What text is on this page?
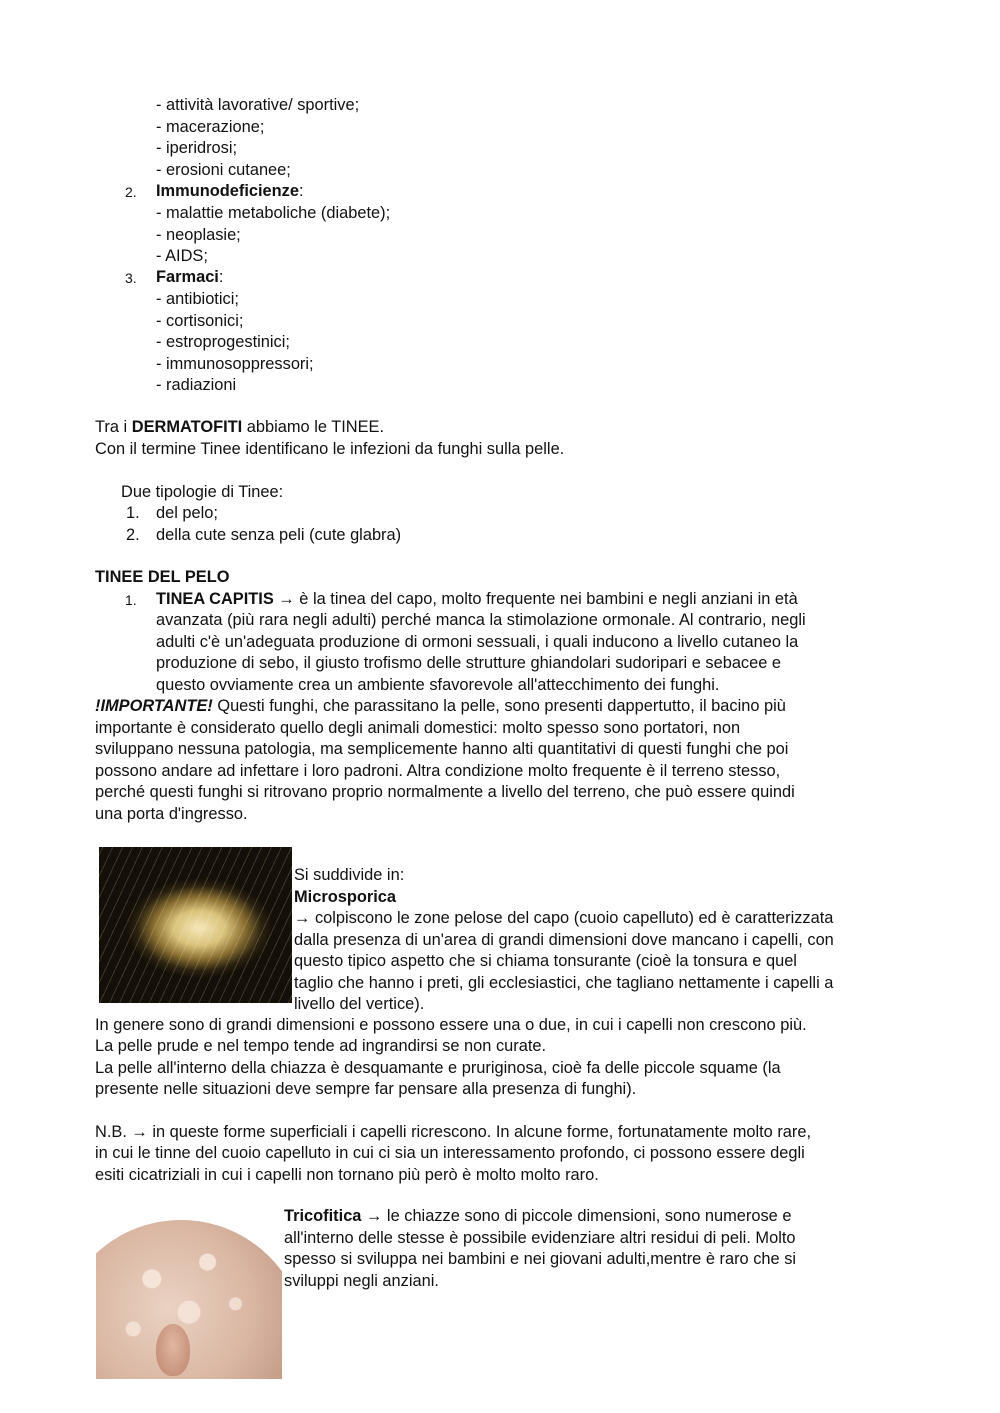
- attività lavorative/ sportive;
- macerazione;
- iperidrosi;
- erosioni cutanee;
2. Immunodeficienze:
- malattie metaboliche (diabete);
- neoplasie;
- AIDS;
3. Farmaci:
- antibiotici;
- cortisonici;
- estroprogestinici;
- immunosoppressori;
- radiazioni
Tra i DERMATOFITI abbiamo le TINEE.
Con il termine Tinee identificano le infezioni da funghi sulla pelle.
Due tipologie di Tinee:
1. del pelo;
2. della cute senza peli (cute glabra)
TINEE DEL PELO
1. TINEA CAPITIS → è la tinea del capo, molto frequente nei bambini e negli anziani in età
avanzata (più rara negli adulti) perché manca la stimolazione ormonale. Al contrario, negli
adulti c'è un'adeguata produzione di ormoni sessuali, i quali inducono a livello cutaneo la
produzione di sebo, il giusto trofismo delle strutture ghiandolari sudoripari e sebacee e
questo ovviamente crea un ambiente sfavorevole all'attecchimento dei funghi.
!IMPORTANTE! Questi funghi, che parassitano la pelle, sono presenti dappertutto, il bacino più
importante è considerato quello degli animali domestici: molto spesso sono portatori, non
sviluppano nessuna patologia, ma semplicemente hanno alti quantitativi di questi funghi che poi
possono andare ad infettare i loro padroni. Altra condizione molto frequente è il terreno stesso,
perché questi funghi si ritrovano proprio normalmente a livello del terreno, che può essere quindi
una porta d'ingresso.
Si suddivide in:
Microsporica
→ colpiscono le zone pelose del capo (cuoio capelluto) ed è caratterizzata
dalla presenza di un'area di grandi dimensioni dove mancano i capelli, con
questo tipico aspetto che si chiama tonsurante (cioè la tonsura e quel
taglio che hanno i preti, gli ecclesiastici, che tagliano nettamente i capelli a
livello del vertice).
In genere sono di grandi dimensioni e possono essere una o due, in cui i capelli non crescono più.
La pelle prude e nel tempo tende ad ingrandirsi se non curate.
La pelle all'interno della chiazza è desquamante e pruriginosa, cioè fa delle piccole squame (la
presente nelle situazioni deve sempre far pensare alla presenza di funghi).
N.B. → in queste forme superficiali i capelli ricrescono. In alcune forme, fortunatamente molto rare,
in cui le tinne del cuoio capelluto in cui ci sia un interessamento profondo, ci possono essere degli
esiti cicatriziali in cui i capelli non tornano più però è molto molto raro.
Tricofitica → le chiazze sono di piccole dimensioni, sono numerose e
all'interno delle stesse è possibile evidenziare altri residui di peli. Molto
spesso si sviluppa nei bambini e nei giovani adulti,mentre è raro che si
sviluppi negli anziani.
